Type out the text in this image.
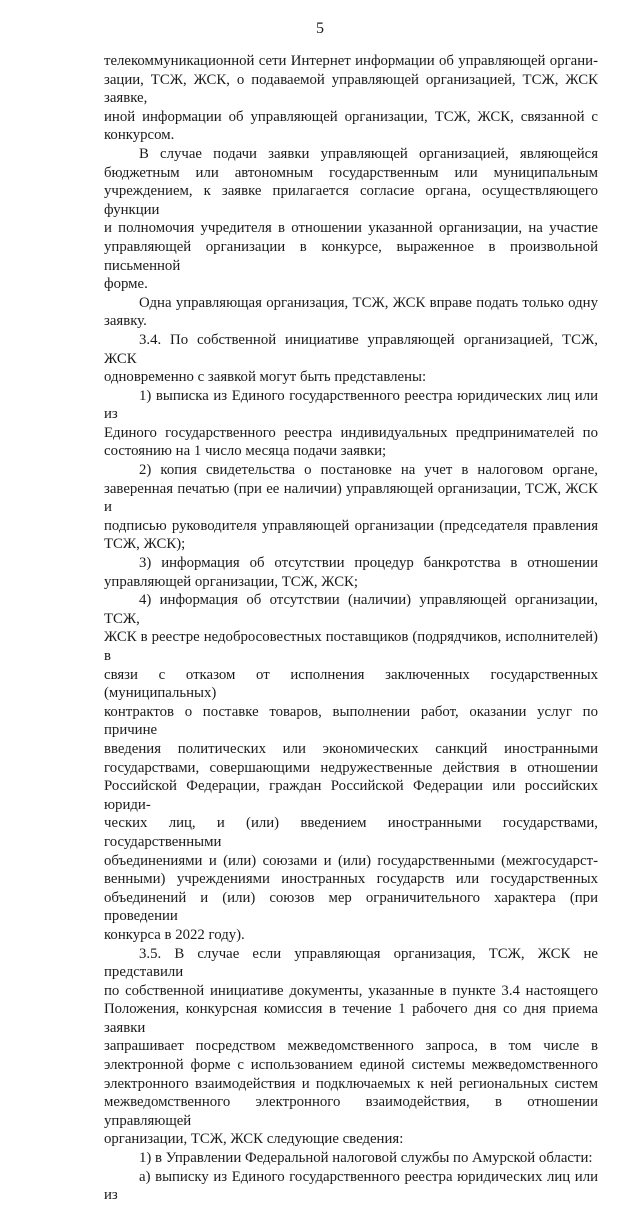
5
телекоммуникационной сети Интернет информации об управляющей органи-
зации, ТСЖ, ЖСК, о подаваемой управляющей организацией, ТСЖ, ЖСК заявке,
иной информации об управляющей организации, ТСЖ, ЖСК, связанной с
конкурсом.
В случае подачи заявки управляющей организацией, являющейся
бюджетным или автономным государственным или муниципальным
учреждением, к заявке прилагается согласие органа, осуществляющего функции
и полномочия учредителя в отношении указанной организации, на участие
управляющей организации в конкурсе, выраженное в произвольной письменной
форме.
Одна управляющая организация, ТСЖ, ЖСК вправе подать только одну
заявку.
3.4. По собственной инициативе управляющей организацией, ТСЖ, ЖСК
одновременно с заявкой могут быть представлены:
1) выписка из Единого государственного реестра юридических лиц или из
Единого государственного реестра индивидуальных предпринимателей по
состоянию на 1 число месяца подачи заявки;
2) копия свидетельства о постановке на учет в налоговом органе,
заверенная печатью (при ее наличии) управляющей организации, ТСЖ, ЖСК и
подписью руководителя управляющей организации (председателя правления
ТСЖ, ЖСК);
3) информация об отсутствии процедур банкротства в отношении
управляющей организации, ТСЖ, ЖСК;
4) информация об отсутствии (наличии) управляющей организации, ТСЖ,
ЖСК в реестре недобросовестных поставщиков (подрядчиков, исполнителей) в
связи с отказом от исполнения заключенных государственных (муниципальных)
контрактов о поставке товаров, выполнении работ, оказании услуг по причине
введения политических или экономических санкций иностранными
государствами, совершающими недружественные действия в отношении
Российской Федерации, граждан Российской Федерации или российских юриди-
ческих лиц, и (или) введением иностранными государствами, государственными
объединениями и (или) союзами и (или) государственными (межгосударст-
венными) учреждениями иностранных государств или государственных
объединений и (или) союзов мер ограничительного характера (при проведении
конкурса в 2022 году).
3.5. В случае если управляющая организация, ТСЖ, ЖСК не представили
по собственной инициативе документы, указанные в пункте 3.4 настоящего
Положения, конкурсная комиссия в течение 1 рабочего дня со дня приема заявки
запрашивает посредством межведомственного запроса, в том числе в
электронной форме с использованием единой системы межведомственного
электронного взаимодействия и подключаемых к ней региональных систем
межведомственного электронного взаимодействия, в отношении управляющей
организации, ТСЖ, ЖСК следующие сведения:
1) в Управлении Федеральной налоговой службы по Амурской области:
а) выписку из Единого государственного реестра юридических лиц или из
